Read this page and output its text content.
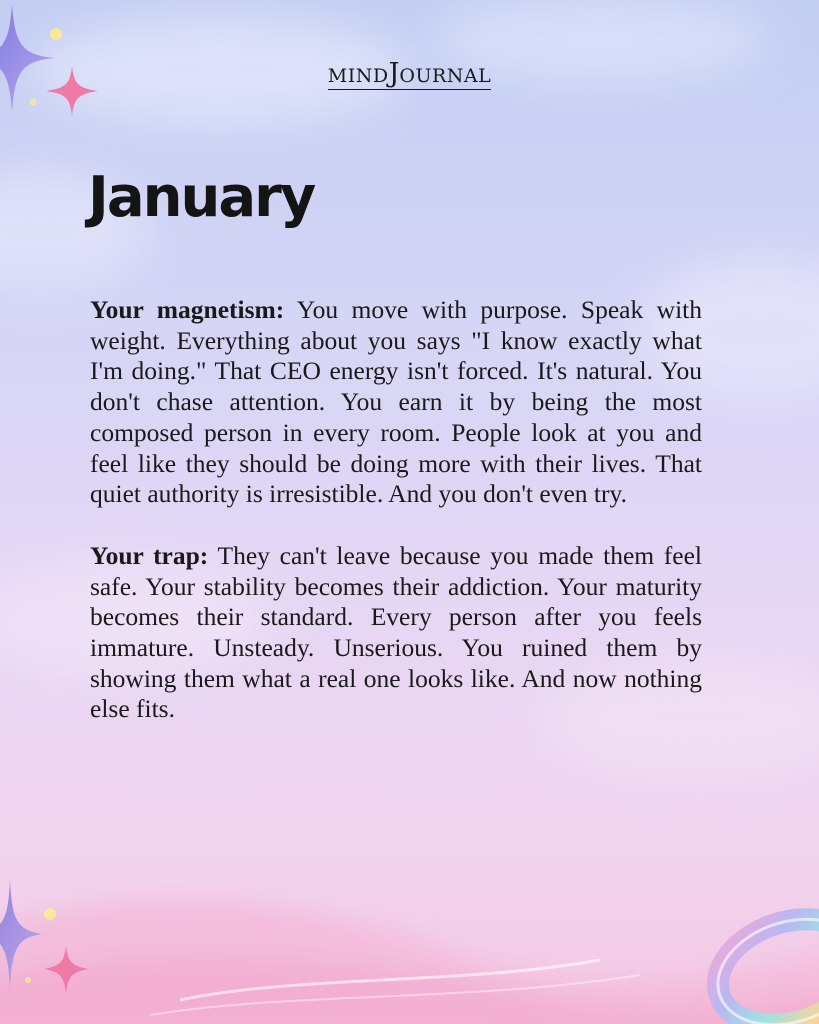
MINDJOURNAL
January

Your magnetism: You move with purpose. Speak with weight. Everything about you says "I know exactly what I'm doing." That CEO energy isn't forced. It's natural. You don't chase attention. You earn it by being the most composed person in every room. People look at you and feel like they should be doing more with their lives. That quiet authority is irresistible. And you don't even try.

Your trap: They can't leave because you made them feel safe. Your stability becomes their addiction. Your maturity becomes their standard. Every person after you feels immature. Unsteady. Unserious. You ruined them by showing them what a real one looks like. And now nothing else fits.
